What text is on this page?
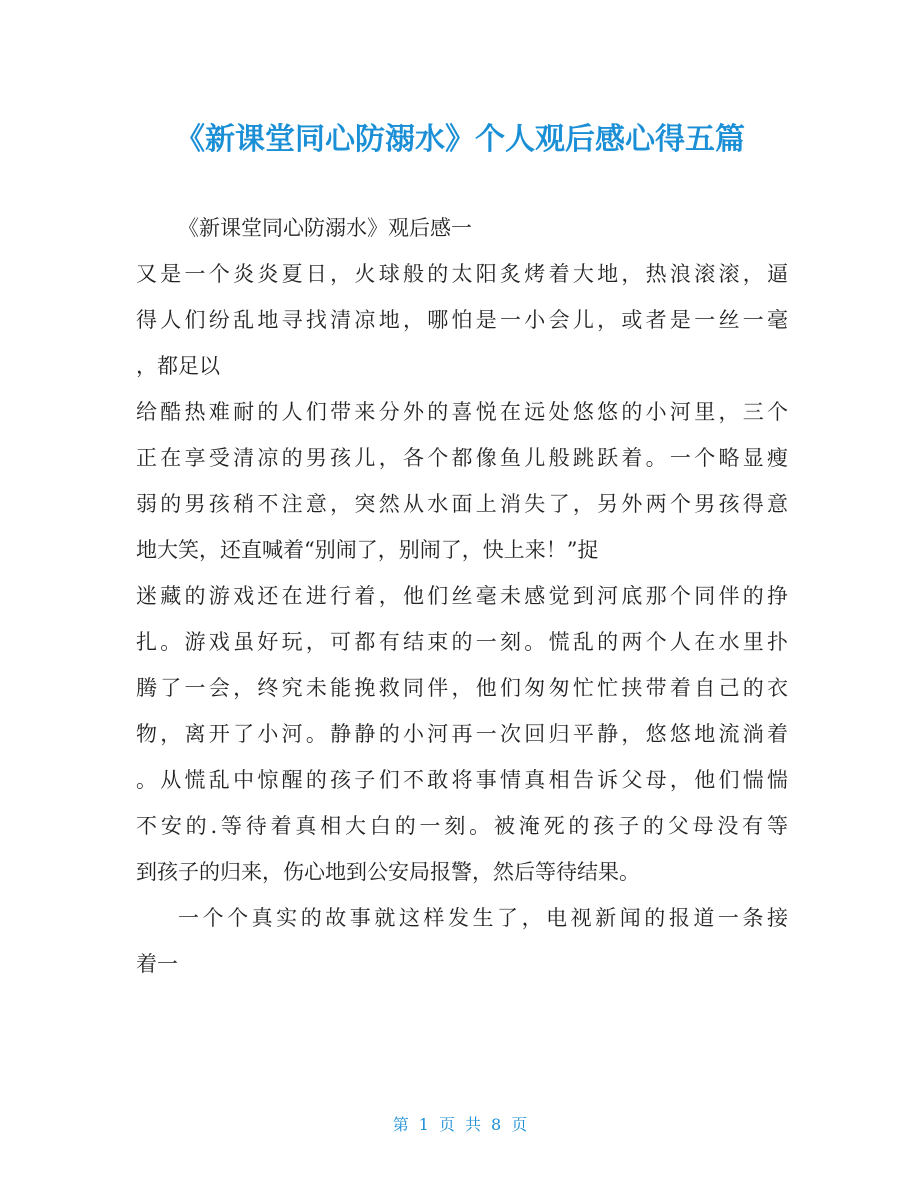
《新课堂同心防溺水》个人观后感心得五篇
《新课堂同心防溺水》观后感一
又是一个炎炎夏日，火球般的太阳炙烤着大地，热浪滚滚，逼
得人们纷乱地寻找清凉地，哪怕是一小会儿，或者是一丝一毫
，都足以
给酷热难耐的人们带来分外的喜悦在远处悠悠的小河里，三个
正在享受清凉的男孩儿，各个都像鱼儿般跳跃着。一个略显瘦
弱的男孩稍不注意，突然从水面上消失了，另外两个男孩得意
地大笑，还直喊着“别闹了，别闹了，快上来！”捉
迷藏的游戏还在进行着，他们丝毫未感觉到河底那个同伴的挣
扎。游戏虽好玩，可都有结束的一刻。慌乱的两个人在水里扑
腾了一会，终究未能挽救同伴，他们匆匆忙忙挟带着自己的衣
物，离开了小河。静静的小河再一次回归平静，悠悠地流淌着
。从慌乱中惊醒的孩子们不敢将事情真相告诉父母，他们惴惴
不安的.等待着真相大白的一刻。被淹死的孩子的父母没有等
到孩子的归来，伤心地到公安局报警，然后等待结果。
一个个真实的故事就这样发生了，电视新闻的报道一条接
着一
第 1 页 共 8 页
